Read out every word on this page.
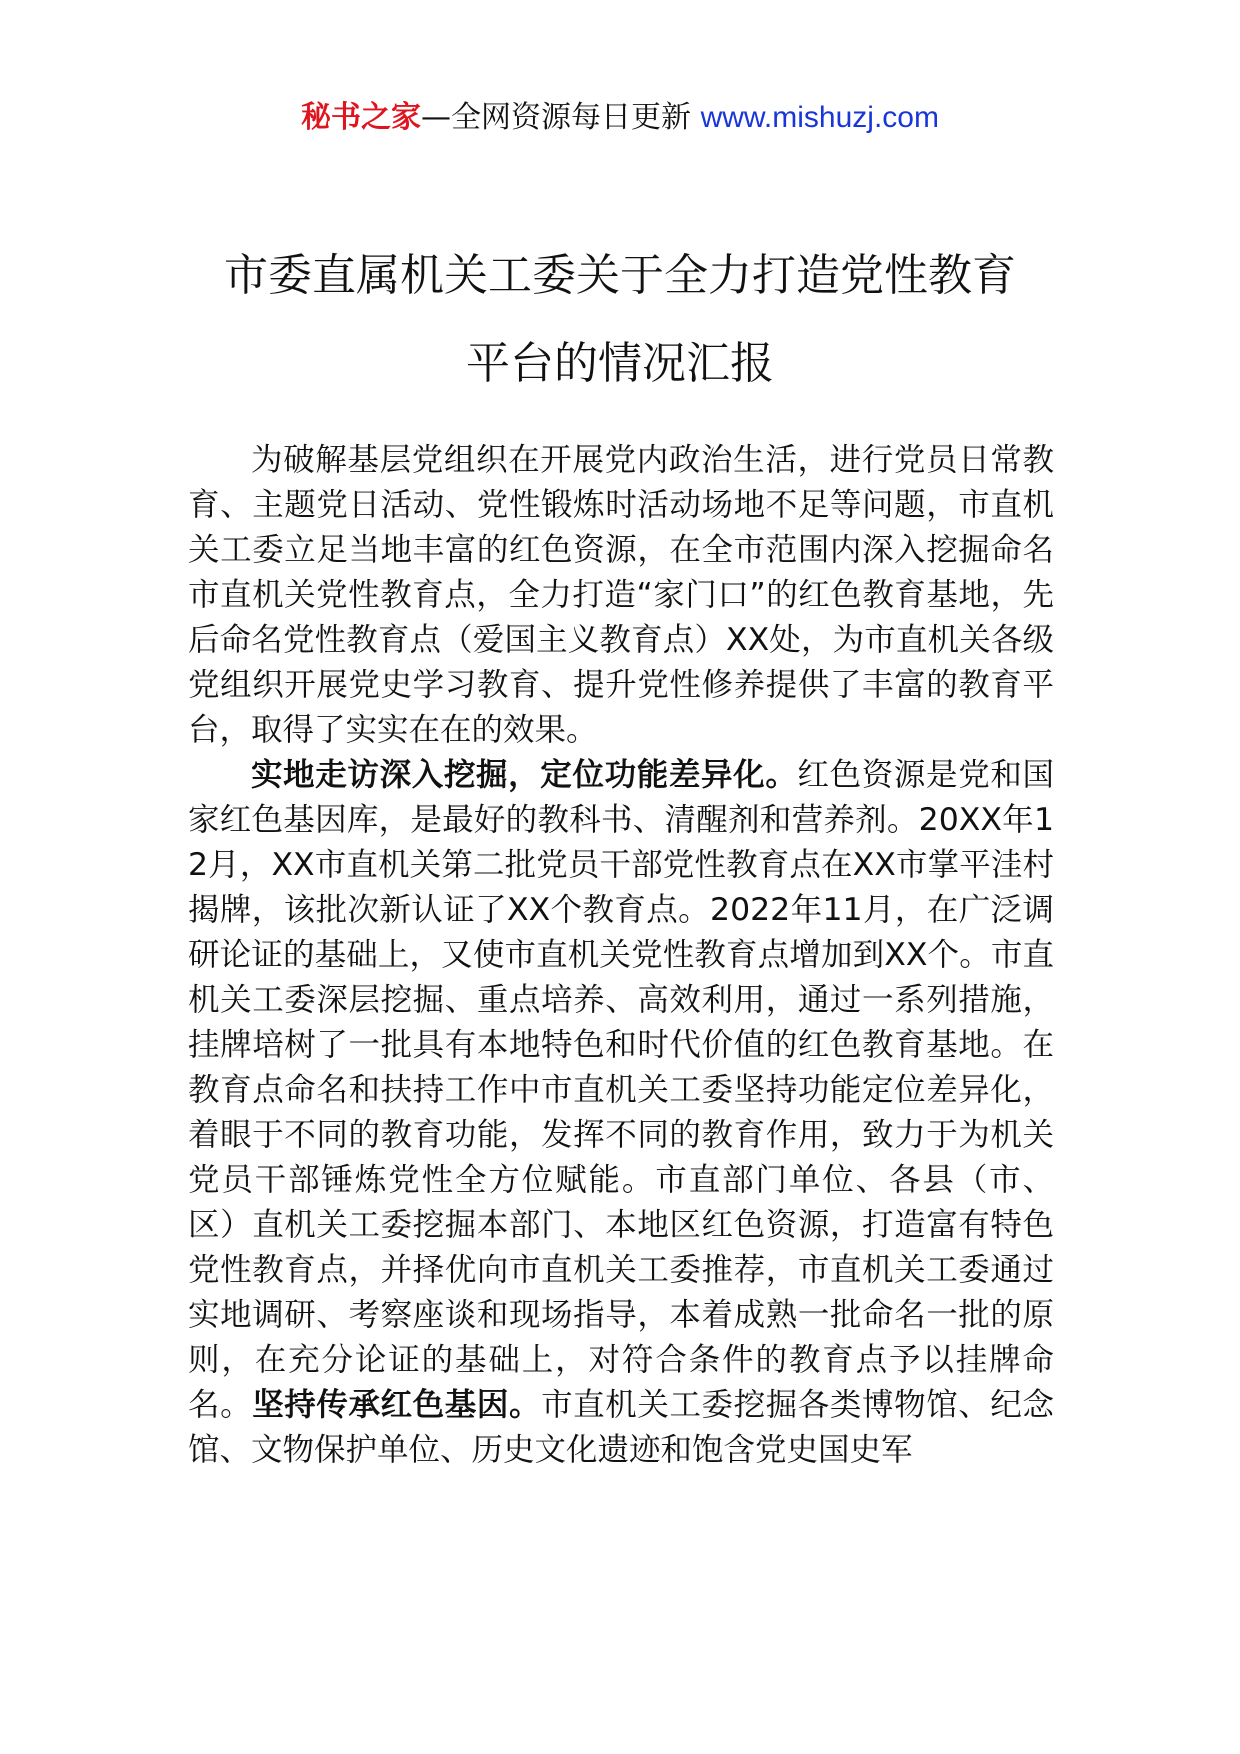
秘书之家—全网资源每日更新 www.mishuzj.com
市委直属机关工委关于全力打造党性教育
平台的情况汇报

为破解基层党组织在开展党内政治生活，进行党员日常教育、主题党日活动、党性锻炼时活动场地不足等问题，市直机关工委立足当地丰富的红色资源，在全市范围内深入挖掘命名市直机关党性教育点，全力打造“家门口”的红色教育基地，先后命名党性教育点（爱国主义教育点）XX处，为市直机关各级党组织开展党史学习教育、提升党性修养提供了丰富的教育平台，取得了实实在在的效果。

实地走访深入挖掘，定位功能差异化。红色资源是党和国家红色基因库，是最好的教科书、清醒剂和营养剂。20XX年12月，XX市直机关第二批党员干部党性教育点在XX市掌平洼村揭牌，该批次新认证了XX个教育点。2022年11月，在广泛调研论证的基础上，又使市直机关党性教育点增加到XX个。市直机关工委深层挖掘、重点培养、高效利用，通过一系列措施，挂牌培树了一批具有本地特色和时代价值的红色教育基地。在教育点命名和扶持工作中市直机关工委坚持功能定位差异化，着眼于不同的教育功能，发挥不同的教育作用，致力于为机关党员干部锤炼党性全方位赋能。市直部门单位、各县（市、区）直机关工委挖掘本部门、本地区红色资源，打造富有特色党性教育点，并择优向市直机关工委推荐，市直机关工委通过实地调研、考察座谈和现场指导，本着成熟一批命名一批的原则，在充分论证的基础上，对符合条件的教育点予以挂牌命名。坚持传承红色基因。市直机关工委挖掘各类博物馆、纪念馆、文物保护单位、历史文化遗迹和饱含党史国史军
